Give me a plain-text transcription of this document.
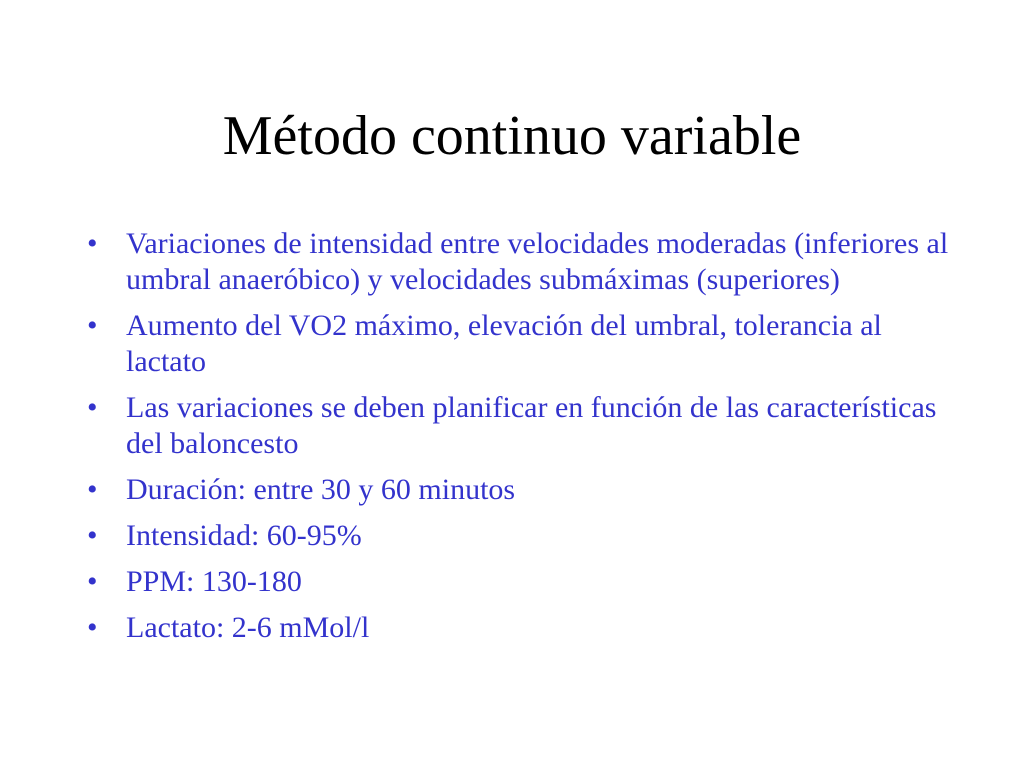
Método continuo variable
• Variaciones de intensidad entre velocidades moderadas (inferiores al umbral anaeróbico) y velocidades submáximas (superiores)
• Aumento del VO2 máximo, elevación del umbral, tolerancia al lactato
• Las variaciones se deben planificar en función de las características del baloncesto
• Duración: entre 30 y 60 minutos
• Intensidad: 60-95%
• PPM: 130-180
• Lactato: 2-6 mMol/l
